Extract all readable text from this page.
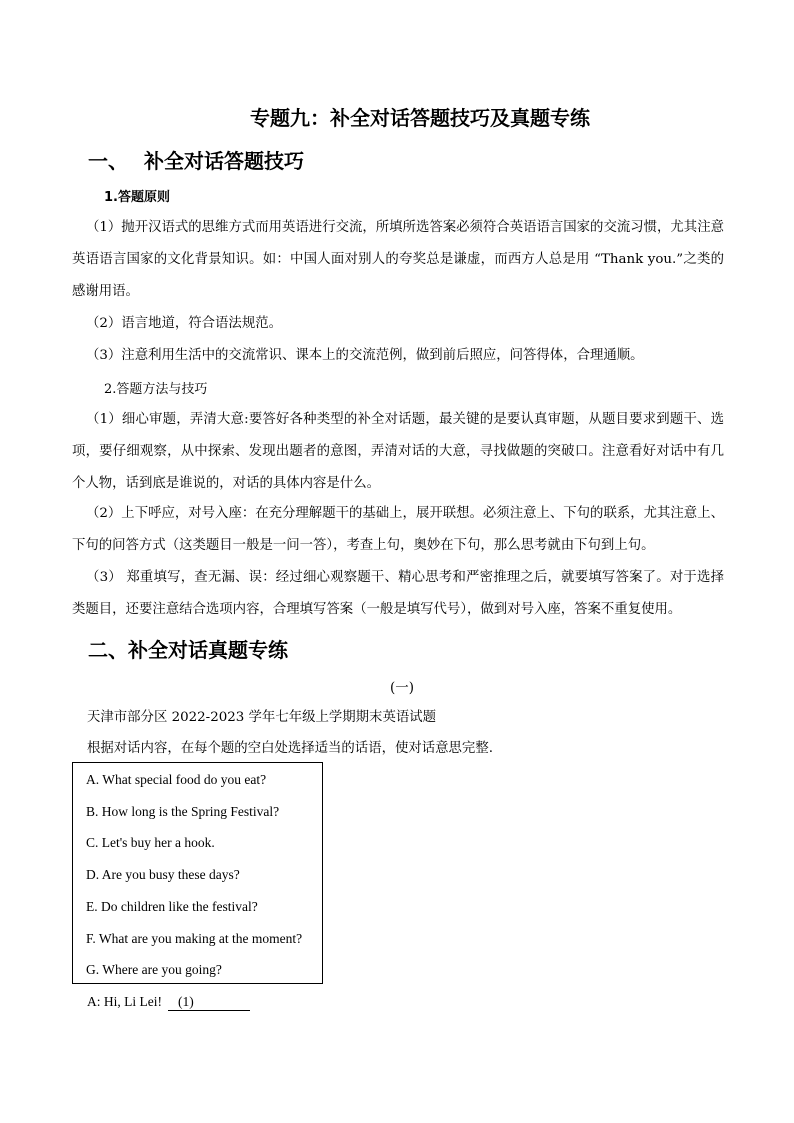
专题九：补全对话答题技巧及真题专练
一、 补全对话答题技巧
1.答题原则
（1）抛开汉语式的思维方式而用英语进行交流，所填所选答案必须符合英语语言国家的交流习惯，尤其注意英语语言国家的文化背景知识。如：中国人面对别人的夸奖总是谦虚，而西方人总是用 “Thank you.”之类的感谢用语。
（2）语言地道，符合语法规范。
（3）注意利用生活中的交流常识、课本上的交流范例，做到前后照应，问答得体，合理通顺。
2.答题方法与技巧
（1）细心审题，弄清大意:要答好各种类型的补全对话题，最关键的是要认真审题，从题目要求到题干、选项，要仔细观察，从中探索、发现出题者的意图，弄清对话的大意，寻找做题的突破口。注意看好对话中有几个人物，话到底是谁说的，对话的具体内容是什么。
（2）上下呼应，对号入座：在充分理解题干的基础上，展开联想。必须注意上、下句的联系，尤其注意上、下句的问答方式（这类题目一般是一问一答），考查上句，奥妙在下句，那么思考就由下句到上句。
（3） 郑重填写，查无漏、误：经过细心观察题干、精心思考和严密推理之后，就要填写答案了。对于选择类题目，还要注意结合选项内容，合理填写答案（一般是填写代号），做到对号入座，答案不重复使用。
二、补全对话真题专练
(一)
天津市部分区 2022-2023 学年七年级上学期期末英语试题
根据对话内容，在每个题的空白处选择适当的话语，使对话意思完整.
A. What special food do you eat?
B. How long is the Spring Festival?
C. Let's buy her a hook.
D. Are you busy these days?
E. Do children like the festival?
F. What are you making at the moment?
G. Where are you going?
A: Hi, Li Lei! (1)
